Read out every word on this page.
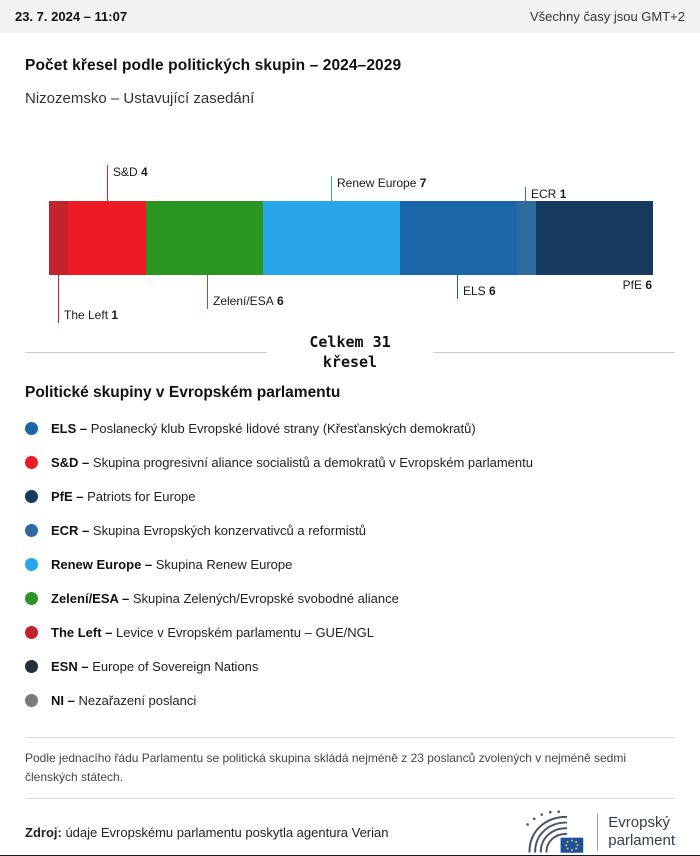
23. 7. 2024 – 11:07	Všechny časy jsou GMT+2
Počet křesel podle politických skupin – 2024–2029
Nizozemsko – Ustavující zasedání
S&D 4
Renew Europe 7
ECR 1
The Left 1
Zelení/ESA 6
ELS 6	PfE 6
Celkem 31
křesel
Politické skupiny v Evropském parlamentu
ELS – Poslanecký klub Evropské lidové strany (Křesťanských demokratů)
S&D – Skupina progresivní aliance socialistů a demokratů v Evropském parlamentu
PfE – Patriots for Europe
ECR – Skupina Evropských konzervativců a reformistů
Renew Europe – Skupina Renew Europe
Zelení/ESA – Skupina Zelených/Evropské svobodné aliance
The Left – Levice v Evropském parlamentu – GUE/NGL
ESN – Europe of Sovereign Nations
NI – Nezařazení poslanci

Podle jednacího řádu Parlamentu se politická skupina skládá nejméně z 23 poslanců zvolených v nejméně sedmi členských státech.

Zdroj: údaje Evropskému parlamentu poskytla agentura Verian
Evropský
parlament
